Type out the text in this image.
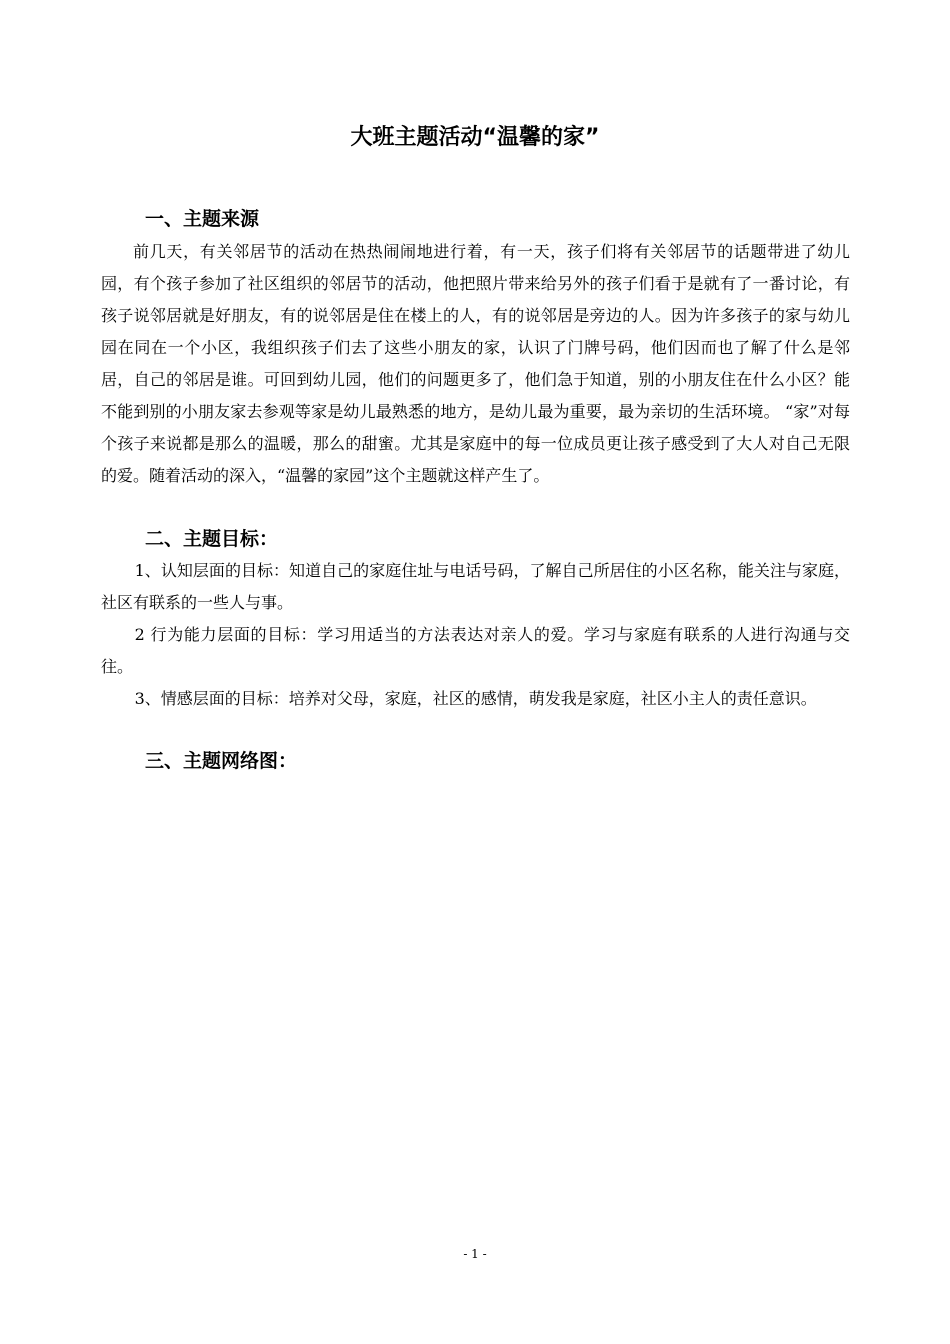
大班主题活动“温馨的家”
一、主题来源

前几天，有关邻居节的活动在热热闹闹地进行着，有一天，孩子们将有关邻居节的话题带进了幼儿园，有个孩子参加了社区组织的邻居节的活动，他把照片带来给另外的孩子们看于是就有了一番讨论，有孩子说邻居就是好朋友，有的说邻居是住在楼上的人，有的说邻居是旁边的人。因为许多孩子的家与幼儿园在同在一个小区，我组织孩子们去了这些小朋友的家，认识了门牌号码，他们因而也了解了什么是邻居，自己的邻居是谁。可回到幼儿园，他们的问题更多了，他们急于知道，别的小朋友住在什么小区？能不能到别的小朋友家去参观等家是幼儿最熟悉的地方，是幼儿最为重要，最为亲切的生活环境。 “家”对每个孩子来说都是那么的温暖，那么的甜蜜。尤其是家庭中的每一位成员更让孩子感受到了大人对自己无限的爱。随着活动的深入，“温馨的家园”这个主题就这样产生了。

二、主题目标：

1、认知层面的目标：知道自己的家庭住址与电话号码，了解自己所居住的小区名称，能关注与家庭，社区有联系的一些人与事。

2 行为能力层面的目标：学习用适当的方法表达对亲人的爱。学习与家庭有联系的人进行沟通与交往。

3、情感层面的目标：培养对父母，家庭，社区的感情，萌发我是家庭，社区小主人的责任意识。

三、主题网络图：
- 1 -
